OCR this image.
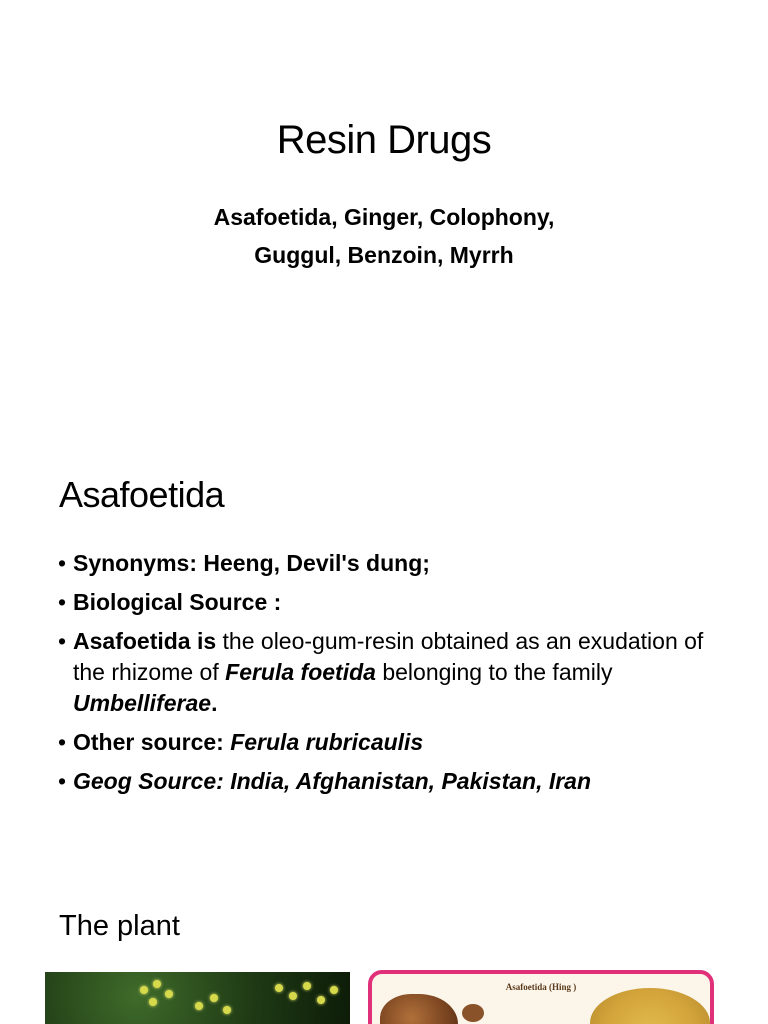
Resin Drugs
Asafoetida, Ginger, Colophony,
Guggul, Benzoin, Myrrh
Asafoetida
• Synonyms: Heeng, Devil's dung;
• Biological Source :
• Asafoetida is the oleo-gum-resin obtained as an exudation of the rhizome of Ferula foetida belonging to the family Umbelliferae.
• Other source: Ferula rubricaulis
• Geog Source: India, Afghanistan, Pakistan, Iran
The plant
Asafoetida (Hing )
